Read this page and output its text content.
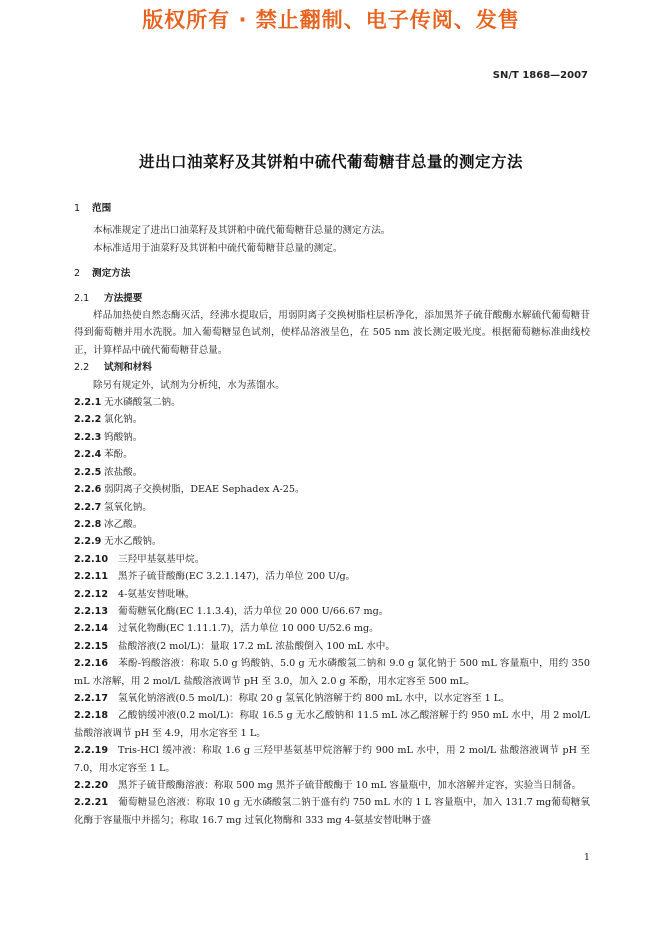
版权所有 · 禁止翻制、电子传阅、发售
SN/T 1868—2007
进出口油菜籽及其饼粕中硫代葡萄糖苷总量的测定方法

1 范围

本标准规定了进出口油菜籽及其饼粕中硫代葡萄糖苷总量的测定方法。

本标准适用于油菜籽及其饼粕中硫代葡萄糖苷总量的测定。

2 测定方法

2.1 方法提要

样品加热使自然态酶灭活，经沸水提取后，用弱阴离子交换树脂柱层析净化，添加黑芥子硫苷酸酶水解硫代葡萄糖苷得到葡萄糖并用水洗脱。加入葡萄糖显色试剂，使样品溶液呈色，在 505 nm 波长测定吸光度。根据葡萄糖标准曲线校正，计算样品中硫代葡萄糖苷总量。

2.2 试剂和材料

除另有规定外，试剂为分析纯，水为蒸馏水。

2.2.1 无水磷酸氢二钠。

2.2.2 氯化钠。

2.2.3 钨酸钠。

2.2.4 苯酚。

2.2.5 浓盐酸。

2.2.6 弱阴离子交换树脂，DEAE Sephadex A-25。

2.2.7 氢氧化钠。

2.2.8 冰乙酸。

2.2.9 无水乙酸钠。

2.2.10 三羟甲基氨基甲烷。

2.2.11 黑芥子硫苷酸酶(EC 3.2.1.147)，活力单位 200 U/g。

2.2.12 4-氨基安替吡啉。

2.2.13 葡萄糖氧化酶(EC 1.1.3.4)，活力单位 20 000 U/66.67 mg。

2.2.14 过氧化物酶(EC 1.11.1.7)，活力单位 10 000 U/52.6 mg。

2.2.15 盐酸溶液(2 mol/L)：量取 17.2 mL 浓盐酸倒入 100 mL 水中。

2.2.16 苯酚-钨酸溶液：称取 5.0 g 钨酸钠、5.0 g 无水磷酸氢二钠和 9.0 g 氯化钠于 500 mL 容量瓶中，用约 350 mL 水溶解，用 2 mol/L 盐酸溶液调节 pH 至 3.0，加入 2.0 g 苯酚，用水定容至 500 mL。

2.2.17 氢氧化钠溶液(0.5 mol/L)：称取 20 g 氢氧化钠溶解于约 800 mL 水中，以水定容至 1 L。

2.2.18 乙酸钠缓冲液(0.2 mol/L)：称取 16.5 g 无水乙酸钠和 11.5 mL 冰乙酸溶解于约 950 mL 水中，用 2 mol/L 盐酸溶液调节 pH 至 4.9，用水定容至 1 L。

2.2.19 Tris-HCl 缓冲液：称取 1.6 g 三羟甲基氨基甲烷溶解于约 900 mL 水中，用 2 mol/L 盐酸溶液调节 pH 至 7.0，用水定容至 1 L。

2.2.20 黑芥子硫苷酸酶溶液：称取 500 mg 黑芥子硫苷酸酶于 10 mL 容量瓶中，加水溶解并定容，实验当日制备。

2.2.21 葡萄糖显色溶液：称取 10 g 无水磷酸氢二钠于盛有约 750 mL 水的 1 L 容量瓶中，加入 131.7 mg葡萄糖氧化酶于容量瓶中并摇匀；称取 16.7 mg 过氧化物酶和 333 mg 4-氨基安替吡啉于盛

1
